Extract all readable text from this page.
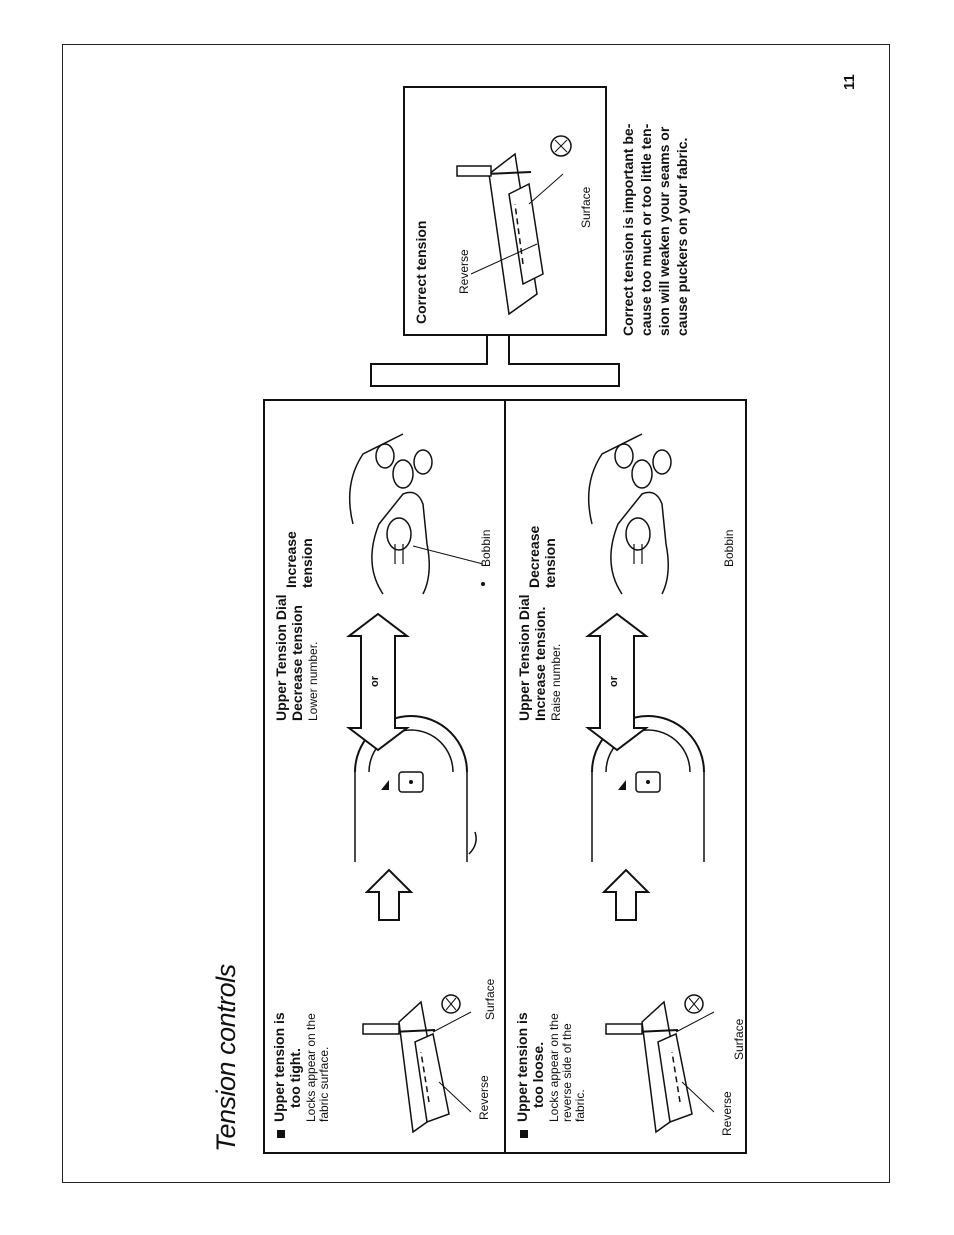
Tension controls
11
Upper tension is too tight. Locks appear on the fabric surface.	Reverse
Surface
Upper Tension Dial Decrease tension Lower number.	or
Bobbin
Increase tension
Upper tension is too loose. Locks appear on the reverse side of the fabric.	Reverse
Surface
Upper Tension Dial Increase tension. Raise number.	or
Bobbin
Decrease tension
Correct tension Reverse
Surface Correct tension is important be- cause too much or too little ten- sion will weaken your seams or cause puckers on your fabric.
